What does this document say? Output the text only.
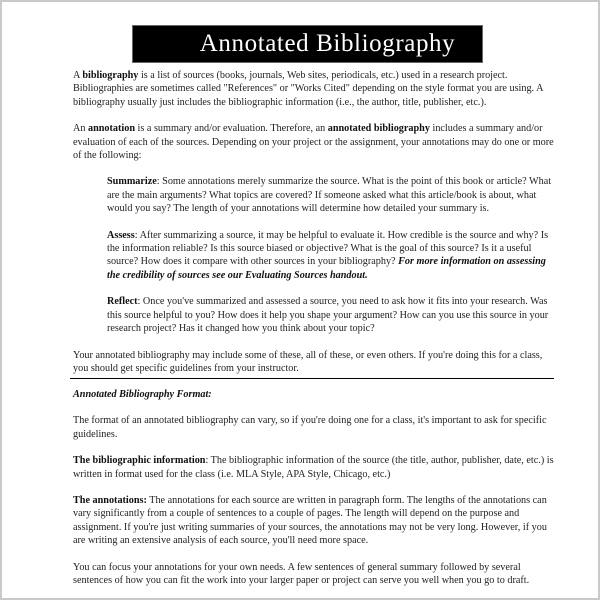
Annotated Bibliography

A bibliography is a list of sources (books, journals, Web sites, periodicals, etc.) used in a research project. Bibliographies are sometimes called "References" or "Works Cited" depending on the style format you are using. A bibliography usually just includes the bibliographic information (i.e., the author, title, publisher, etc.).

An annotation is a summary and/or evaluation. Therefore, an annotated bibliography includes a summary and/or evaluation of each of the sources. Depending on your project or the assignment, your annotations may do one or more of the following:

Summarize: Some annotations merely summarize the source. What is the point of this book or article? What are the main arguments? What topics are covered? If someone asked what this article/book is about, what would you say? The length of your annotations will determine how detailed your summary is.

Assess: After summarizing a source, it may be helpful to evaluate it. How credible is the source and why? Is the information reliable? Is this source biased or objective? What is the goal of this source? Is it a useful source? How does it compare with other sources in your bibliography? For more information on assessing the credibility of sources see our Evaluating Sources handout.

Reflect: Once you've summarized and assessed a source, you need to ask how it fits into your research. Was this source helpful to you? How does it help you shape your argument? How can you use this source in your research project? Has it changed how you think about your topic?

Your annotated bibliography may include some of these, all of these, or even others. If you're doing this for a class, you should get specific guidelines from your instructor.

Annotated Bibliography Format:

The format of an annotated bibliography can vary, so if you're doing one for a class, it's important to ask for specific guidelines.

The bibliographic information: The bibliographic information of the source (the title, author, publisher, date, etc.) is written in format used for the class (i.e. MLA Style, APA Style, Chicago, etc.)

The annotations: The annotations for each source are written in paragraph form. The lengths of the annotations can vary significantly from a couple of sentences to a couple of pages. The length will depend on the purpose and assignment. If you're just writing summaries of your sources, the annotations may not be very long. However, if you are writing an extensive analysis of each source, you'll need more space.

You can focus your annotations for your own needs. A few sentences of general summary followed by several sentences of how you can fit the work into your larger paper or project can serve you well when you go to draft.
